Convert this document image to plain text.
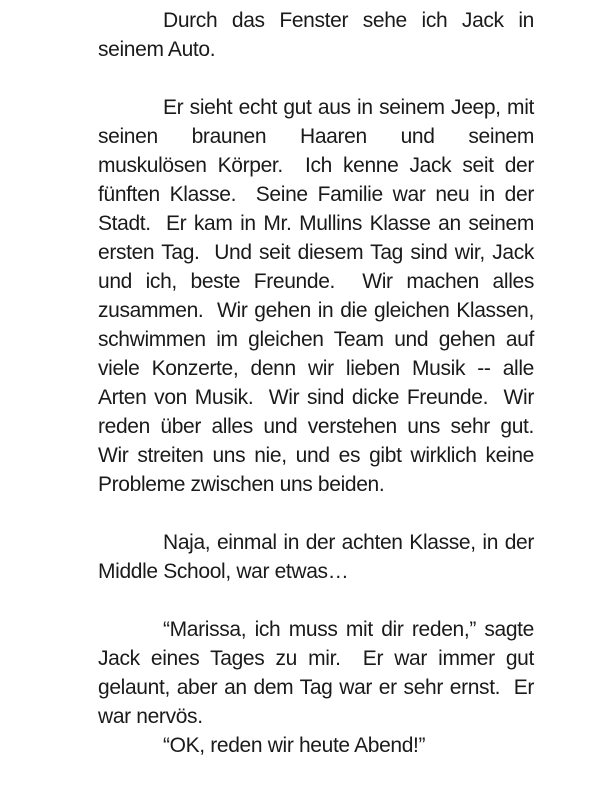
Durch das Fenster sehe ich Jack in seinem Auto.

Er sieht echt gut aus in seinem Jeep, mit seinen braunen Haaren und seinem muskulösen Körper.  Ich kenne Jack seit der fünften Klasse.  Seine Familie war neu in der Stadt.  Er kam in Mr. Mullins Klasse an seinem ersten Tag.  Und seit diesem Tag sind wir, Jack und ich, beste Freunde.  Wir machen alles zusammen.  Wir gehen in die gleichen Klassen, schwimmen im gleichen Team und gehen auf viele Konzerte, denn wir lieben Musik -- alle Arten von Musik.  Wir sind dicke Freunde.  Wir reden über alles und verstehen uns sehr gut.  Wir streiten uns nie, und es gibt wirklich keine Probleme zwischen uns beiden.

Naja, einmal in der achten Klasse, in der Middle School, war etwas…

“Marissa, ich muss mit dir reden,” sagte Jack eines Tages zu mir.  Er war immer gut gelaunt, aber an dem Tag war er sehr ernst.  Er war nervös.

“OK, reden wir heute Abend!”
